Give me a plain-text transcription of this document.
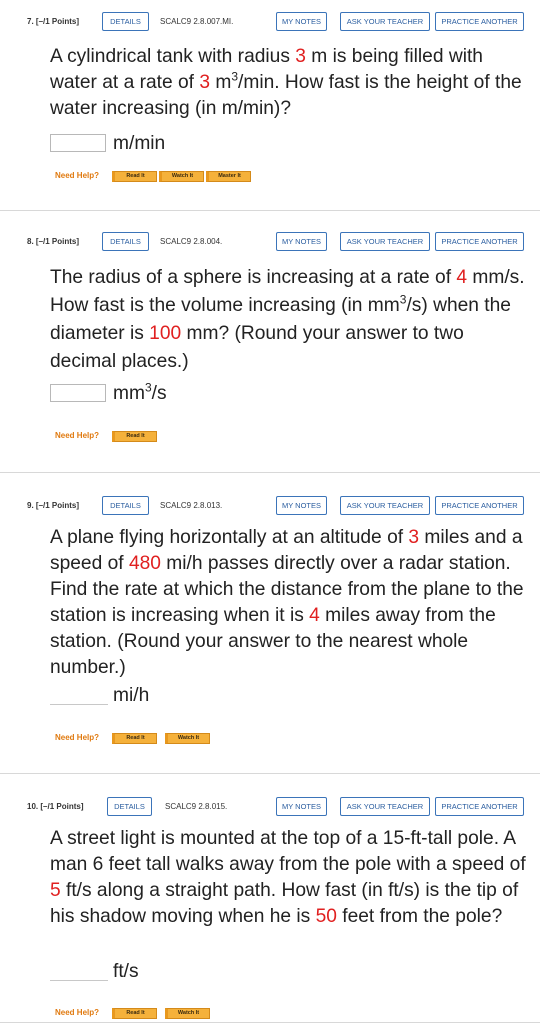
7. [–/1 Points]	DETAILS	SCALC9 2.8.007.MI.	MY NOTES	ASK YOUR TEACHER	PRACTICE ANOTHER
A cylindrical tank with radius 3 m is being filled with water at a rate of 3 $m^3/\min$. How fast is the height of the water increasing (in m/min)?
m/min
Need Help?	Read It	Watch It	Master It
8. [–/1 Points]	DETAILS	SCALC9 2.8.004.	MY NOTES	ASK YOUR TEACHER	PRACTICE ANOTHER
The radius of a sphere is increasing at a rate of 4 mm/s. How fast is the volume increasing (in $mm^3/s$) when the diameter is 100 mm? (Round your answer to two decimal places.)
$mm^3/s$
Need Help?	Read It
9. [–/1 Points]	DETAILS	SCALC9 2.8.013.	MY NOTES	ASK YOUR TEACHER	PRACTICE ANOTHER
A plane flying horizontally at an altitude of 3 miles and a speed of 480 mi/h passes directly over a radar station. Find the rate at which the distance from the plane to the station is increasing when it is 4 miles away from the station. (Round your answer to the nearest whole number.)
mi/h
Need Help?	Read It	Watch It
10. [–/1 Points]	DETAILS	SCALC9 2.8.015.	MY NOTES	ASK YOUR TEACHER	PRACTICE ANOTHER
A street light is mounted at the top of a 15-ft-tall pole. A man 6 feet tall walks away from the pole with a speed of 5 ft/s along a straight path. How fast (in ft/s) is the tip of his shadow moving when he is 50 feet from the pole?
ft/s
Need Help?	Read It	Watch It
